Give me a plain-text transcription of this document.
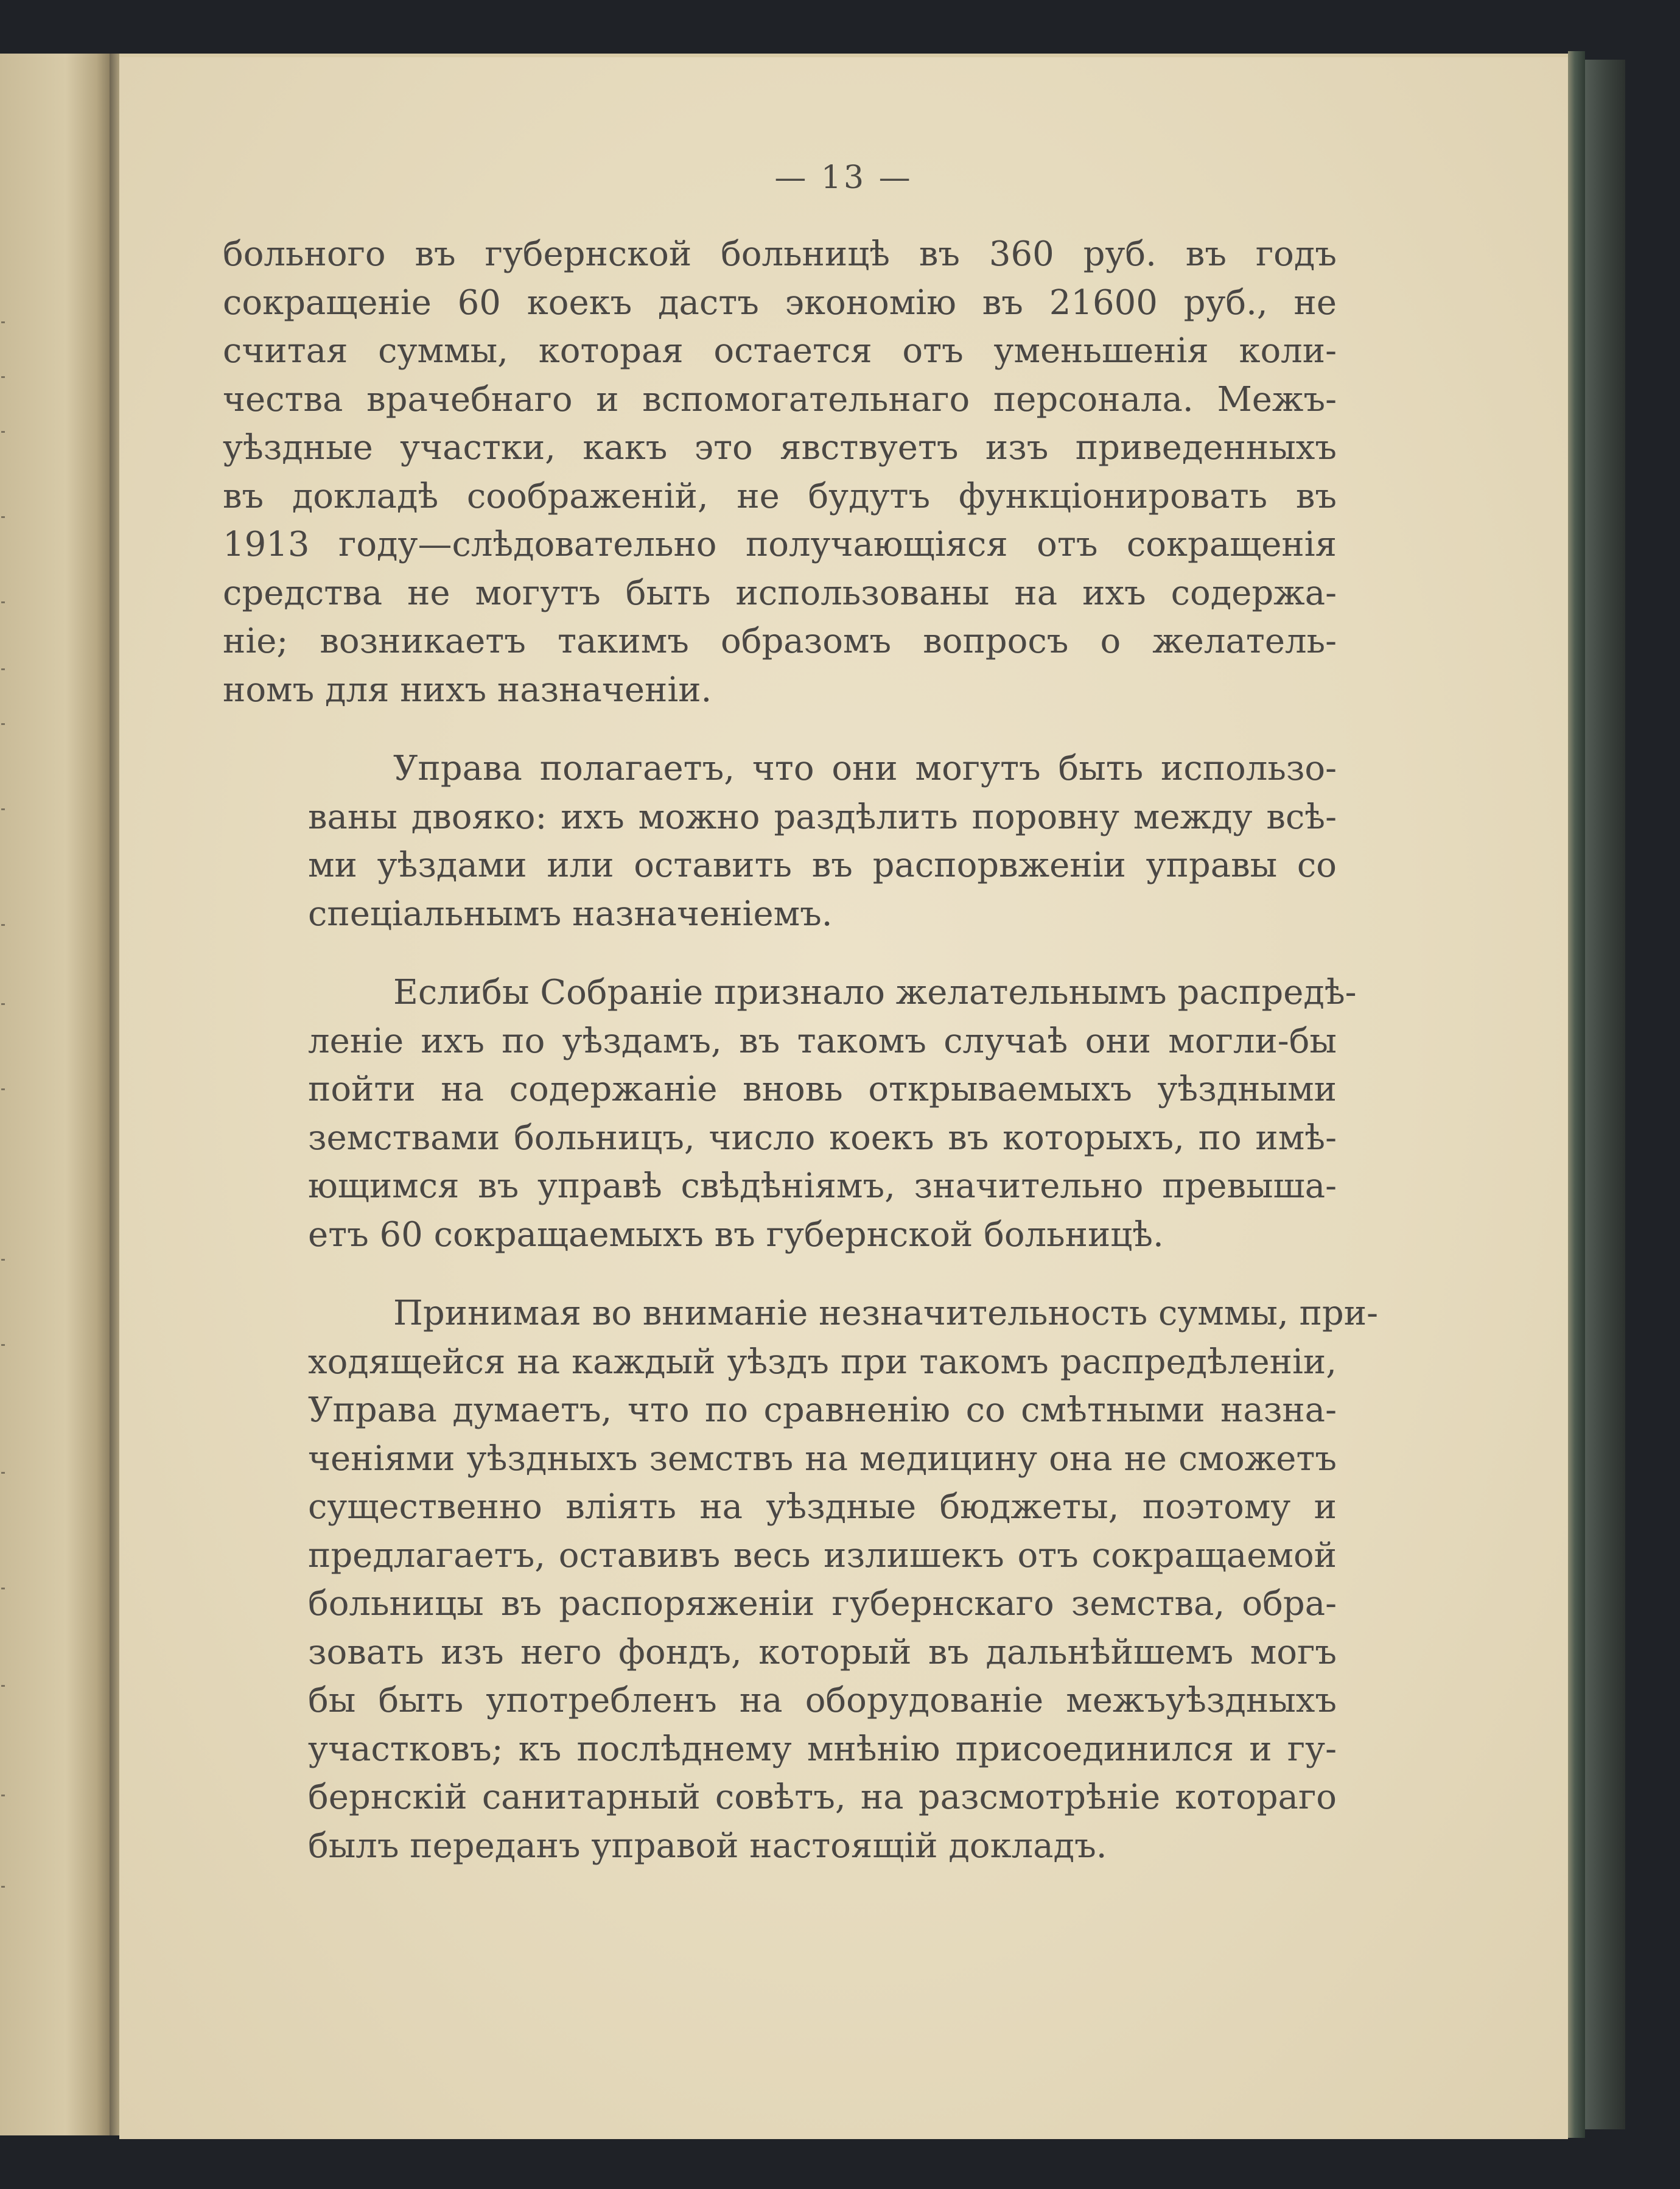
— 13 —

больного въ губернской больницѣ въ 360 руб. въ годъ
сокращеніе 60 коекъ дастъ экономію въ 21600 руб., не
считая суммы, которая остается отъ уменьшенія коли-
чества врачебнаго и вспомогательнаго персонала. Межъ-
уѣздные участки, какъ это явствуетъ изъ приведенныхъ
въ докладѣ соображеній, не будутъ функціонировать въ
1913 году—слѣдовательно получающіяся отъ сокращенія
средства не могутъ быть использованы на ихъ содержа-
ніе; возникаетъ такимъ образомъ вопросъ о желатель-
номъ для нихъ назначеніи.

Управа полагаетъ, что они могутъ быть использо-
ваны двояко: ихъ можно раздѣлить поровну между всѣ-
ми уѣздами или оставить въ распорвженіи управы со
спеціальнымъ назначеніемъ.

Еслибы Собраніе признало желательнымъ распредѣ-
леніе ихъ по уѣздамъ, въ такомъ случаѣ они могли-бы
пойти на содержаніе вновь открываемыхъ уѣздными
земствами больницъ, число коекъ въ которыхъ, по имѣ-
ющимся въ управѣ свѣдѣніямъ, значительно превыша-
етъ 60 сокращаемыхъ въ губернской больницѣ.

Принимая во вниманіе незначительность суммы, при-
ходящейся на каждый уѣздъ при такомъ распредѣленіи,
Управа думаетъ, что по сравненію со смѣтными назна-
ченіями уѣздныхъ земствъ на медицину она не сможетъ
существенно вліять на уѣздные бюджеты, поэтому и
предлагаетъ, оставивъ весь излишекъ отъ сокращаемой
больницы въ распоряженіи губернскаго земства, обра-
зовать изъ него фондъ, который въ дальнѣйшемъ могъ
бы быть употребленъ на оборудованіе межъуѣздныхъ
участковъ; къ послѣднему мнѣнію присоединился и гу-
бернскій санитарный совѣтъ, на разсмотрѣніе котораго
былъ переданъ управой настоящій докладъ.
